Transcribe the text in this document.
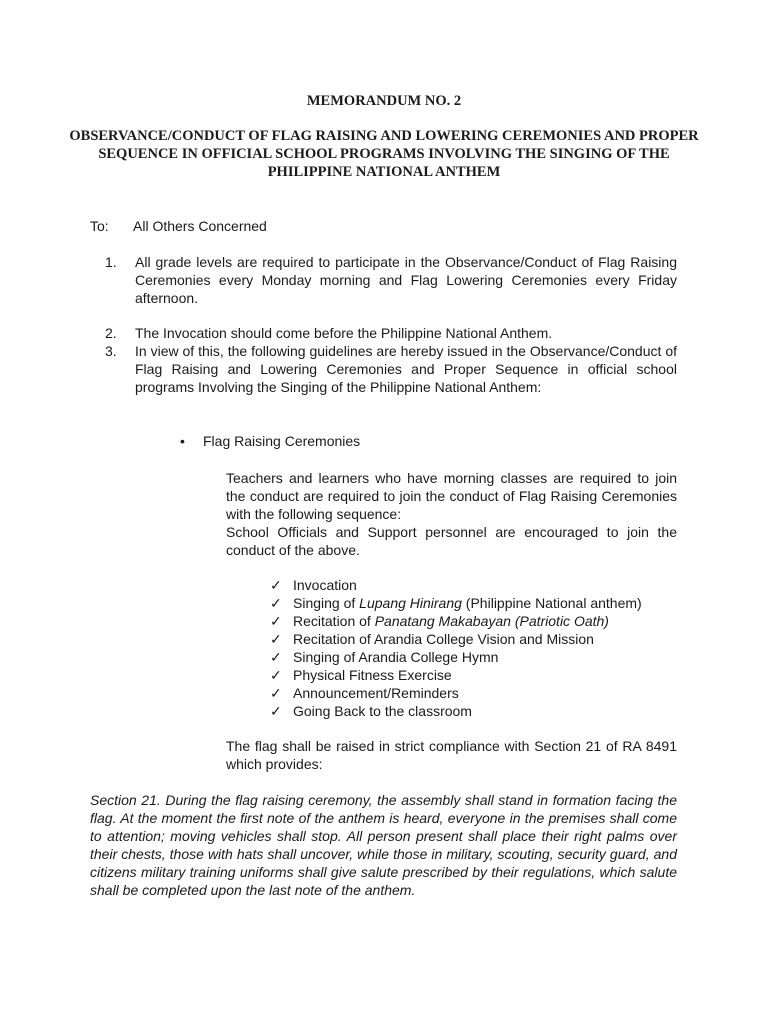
MEMORANDUM NO. 2
OBSERVANCE/CONDUCT OF FLAG RAISING AND LOWERING CEREMONIES AND PROPER SEQUENCE IN OFFICIAL SCHOOL PROGRAMS INVOLVING THE SINGING OF THE PHILIPPINE NATIONAL ANTHEM
To: All Others Concerned
1. All grade levels are required to participate in the Observance/Conduct of Flag Raising Ceremonies every Monday morning and Flag Lowering Ceremonies every Friday afternoon.
2. The Invocation should come before the Philippine National Anthem.
3. In view of this, the following guidelines are hereby issued in the Observance/Conduct of Flag Raising and Lowering Ceremonies and Proper Sequence in official school programs Involving the Singing of the Philippine National Anthem:
• Flag Raising Ceremonies
Teachers and learners who have morning classes are required to join the conduct are required to join the conduct of Flag Raising Ceremonies with the following sequence:
School Officials and Support personnel are encouraged to join the conduct of the above.
✓ Invocation
✓ Singing of Lupang Hinirang (Philippine National anthem)
✓ Recitation of Panatang Makabayan (Patriotic Oath)
✓ Recitation of Arandia College Vision and Mission
✓ Singing of Arandia College Hymn
✓ Physical Fitness Exercise
✓ Announcement/Reminders
✓ Going Back to the classroom
The flag shall be raised in strict compliance with Section 21 of RA 8491 which provides:
Section 21. During the flag raising ceremony, the assembly shall stand in formation facing the flag. At the moment the first note of the anthem is heard, everyone in the premises shall come to attention; moving vehicles shall stop. All person present shall place their right palms over their chests, those with hats shall uncover, while those in military, scouting, security guard, and citizens military training uniforms shall give salute prescribed by their regulations, which salute shall be completed upon the last note of the anthem.
